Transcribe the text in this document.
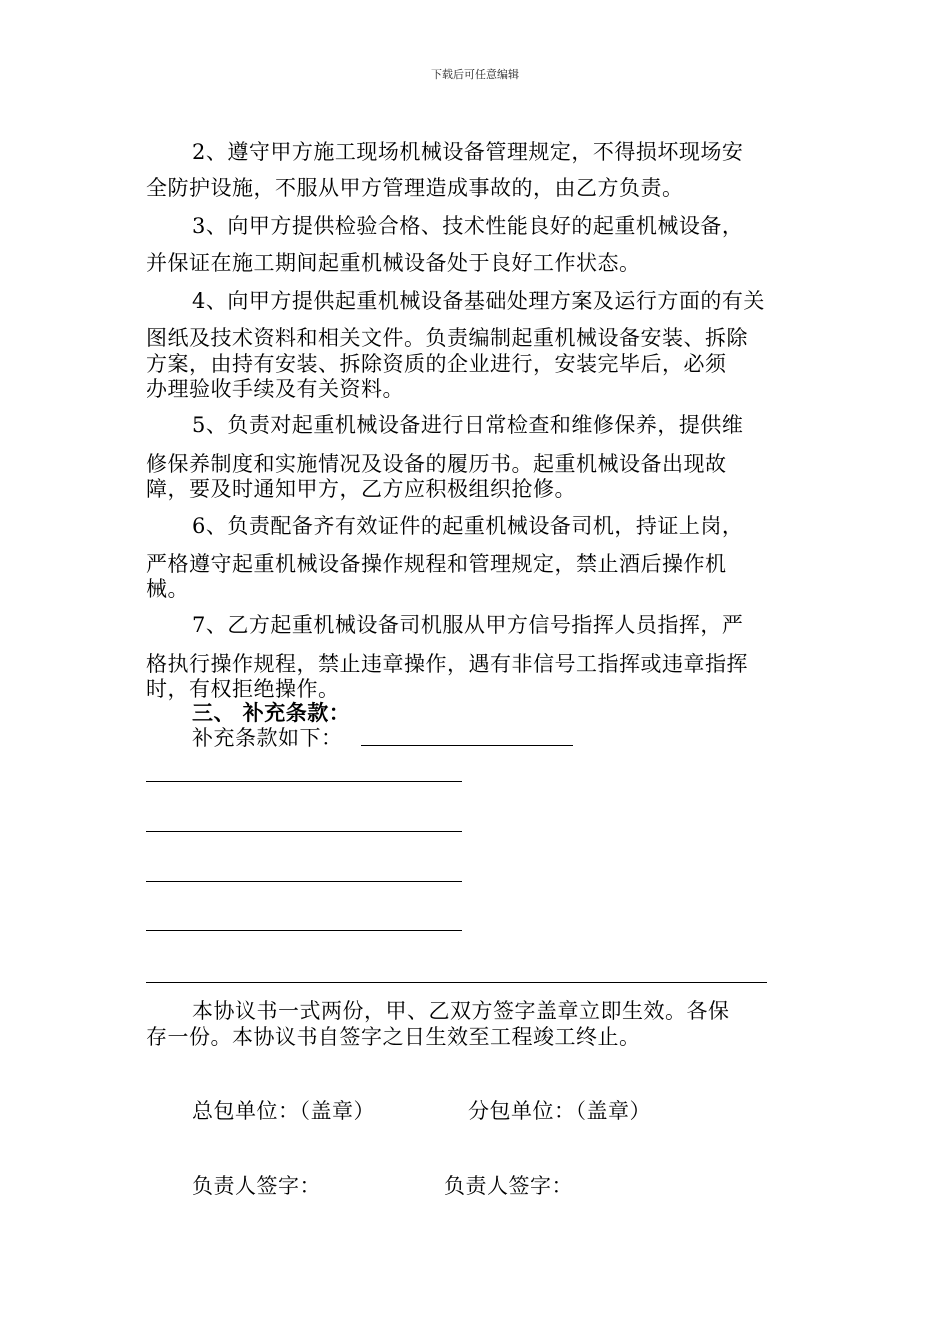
下载后可任意编辑
2、遵守甲方施工现场机械设备管理规定，不得损坏现场安
全防护设施，不服从甲方管理造成事故的，由乙方负责。
3、向甲方提供检验合格、技术性能良好的起重机械设备，
并保证在施工期间起重机械设备处于良好工作状态。
4、向甲方提供起重机械设备基础处理方案及运行方面的有关
图纸及技术资料和相关文件。负责编制起重机械设备安装、拆除
方案，由持有安装、拆除资质的企业进行，安装完毕后，必须
办理验收手续及有关资料。
5、负责对起重机械设备进行日常检查和维修保养，提供维
修保养制度和实施情况及设备的履历书。起重机械设备出现故
障，要及时通知甲方，乙方应积极组织抢修。
6、负责配备齐有效证件的起重机械设备司机，持证上岗，
严格遵守起重机械设备操作规程和管理规定，禁止酒后操作机
械。
7、乙方起重机械设备司机服从甲方信号指挥人员指挥，严
格执行操作规程，禁止违章操作，遇有非信号工指挥或违章指挥
时，有权拒绝操作。
三、 补充条款：
补充条款如下：
本协议书一式两份，甲、乙双方签字盖章立即生效。各保
存一份。本协议书自签字之日生效至工程竣工终止。
总包单位：（盖章）	分包单位：（盖章）
负责人签字：	负责人签字：
